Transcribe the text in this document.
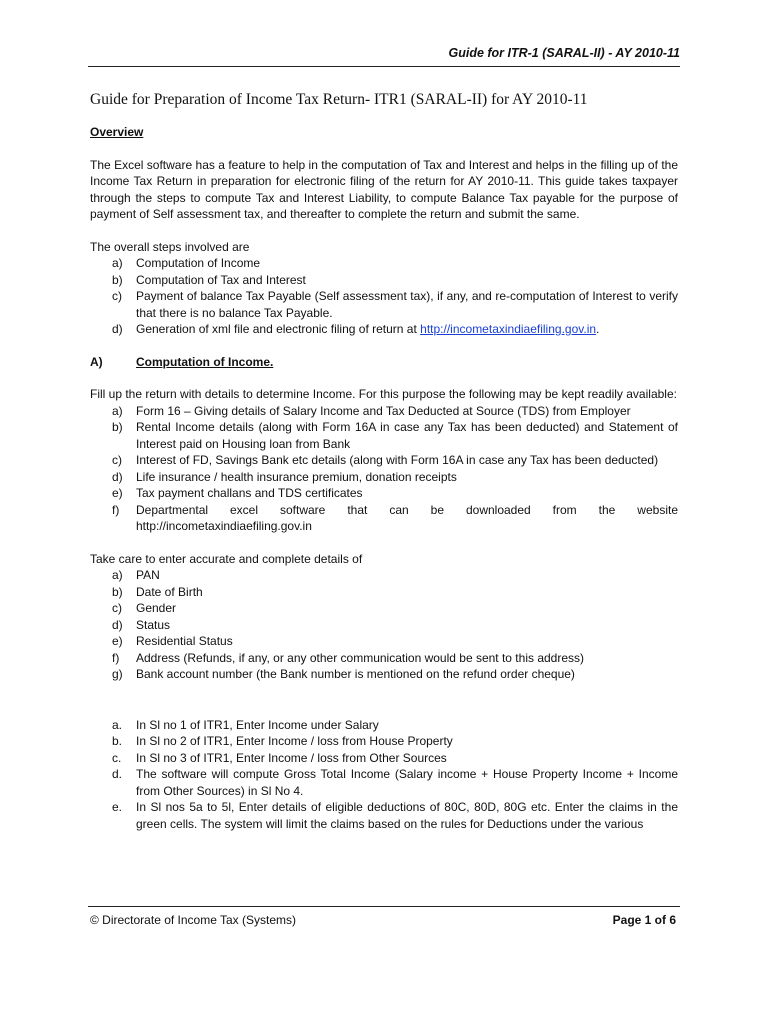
Guide for ITR-1 (SARAL-II) - AY 2010-11
Guide for Preparation of Income Tax Return- ITR1 (SARAL-II) for AY 2010-11
Overview

The Excel software has a feature to help in the computation of Tax and Interest and helps in the filling up of the Income Tax Return in preparation for electronic filing of the return for AY 2010-11. This guide takes taxpayer through the steps to compute Tax and Interest Liability, to compute Balance Tax payable for the purpose of payment of Self assessment tax, and thereafter to complete the return and submit the same.

The overall steps involved are

a)	Computation of Income
b)	Computation of Tax and Interest
c)	Payment of balance Tax Payable (Self assessment tax), if any, and re-computation of Interest to verify that there is no balance Tax Payable.
d)	Generation of xml file and electronic filing of return at http://incometaxindiaefiling.gov.in.
A)	Computation of Income.

Fill up the return with details to determine Income. For this purpose the following may be kept readily available:

a)	Form 16 – Giving details of Salary Income and Tax Deducted at Source (TDS) from Employer
b)	Rental Income details (along with Form 16A in case any Tax has been deducted) and Statement of Interest paid on Housing loan from Bank
c)	Interest of FD, Savings Bank etc details (along with Form 16A in case any Tax has been deducted)
d)	Life insurance / health insurance premium, donation receipts
e)	Tax payment challans and TDS certificates
f)	Departmental excel software that can be downloaded from the website
http://incometaxindiaefiling.gov.in

Take care to enter accurate and complete details of

a)	PAN
b)	Date of Birth
c)	Gender
d)	Status
e)	Residential Status
f)	Address (Refunds, if any, or any other communication would be sent to this address)
g)	Bank account number (the Bank number is mentioned on the refund order cheque)
a.	In Sl no 1 of ITR1, Enter Income under Salary
b.	In Sl no 2 of ITR1, Enter Income / loss from House Property
c.	In Sl no 3 of ITR1, Enter Income / loss from Other Sources
d.	The software will compute Gross Total Income (Salary income + House Property Income + Income from Other Sources) in Sl No 4.
e.	In Sl nos 5a to 5l, Enter details of eligible deductions of 80C, 80D, 80G etc. Enter the claims in the green cells. The system will limit the claims based on the rules for Deductions under the various
© Directorate of Income Tax (Systems)	Page 1 of 6
